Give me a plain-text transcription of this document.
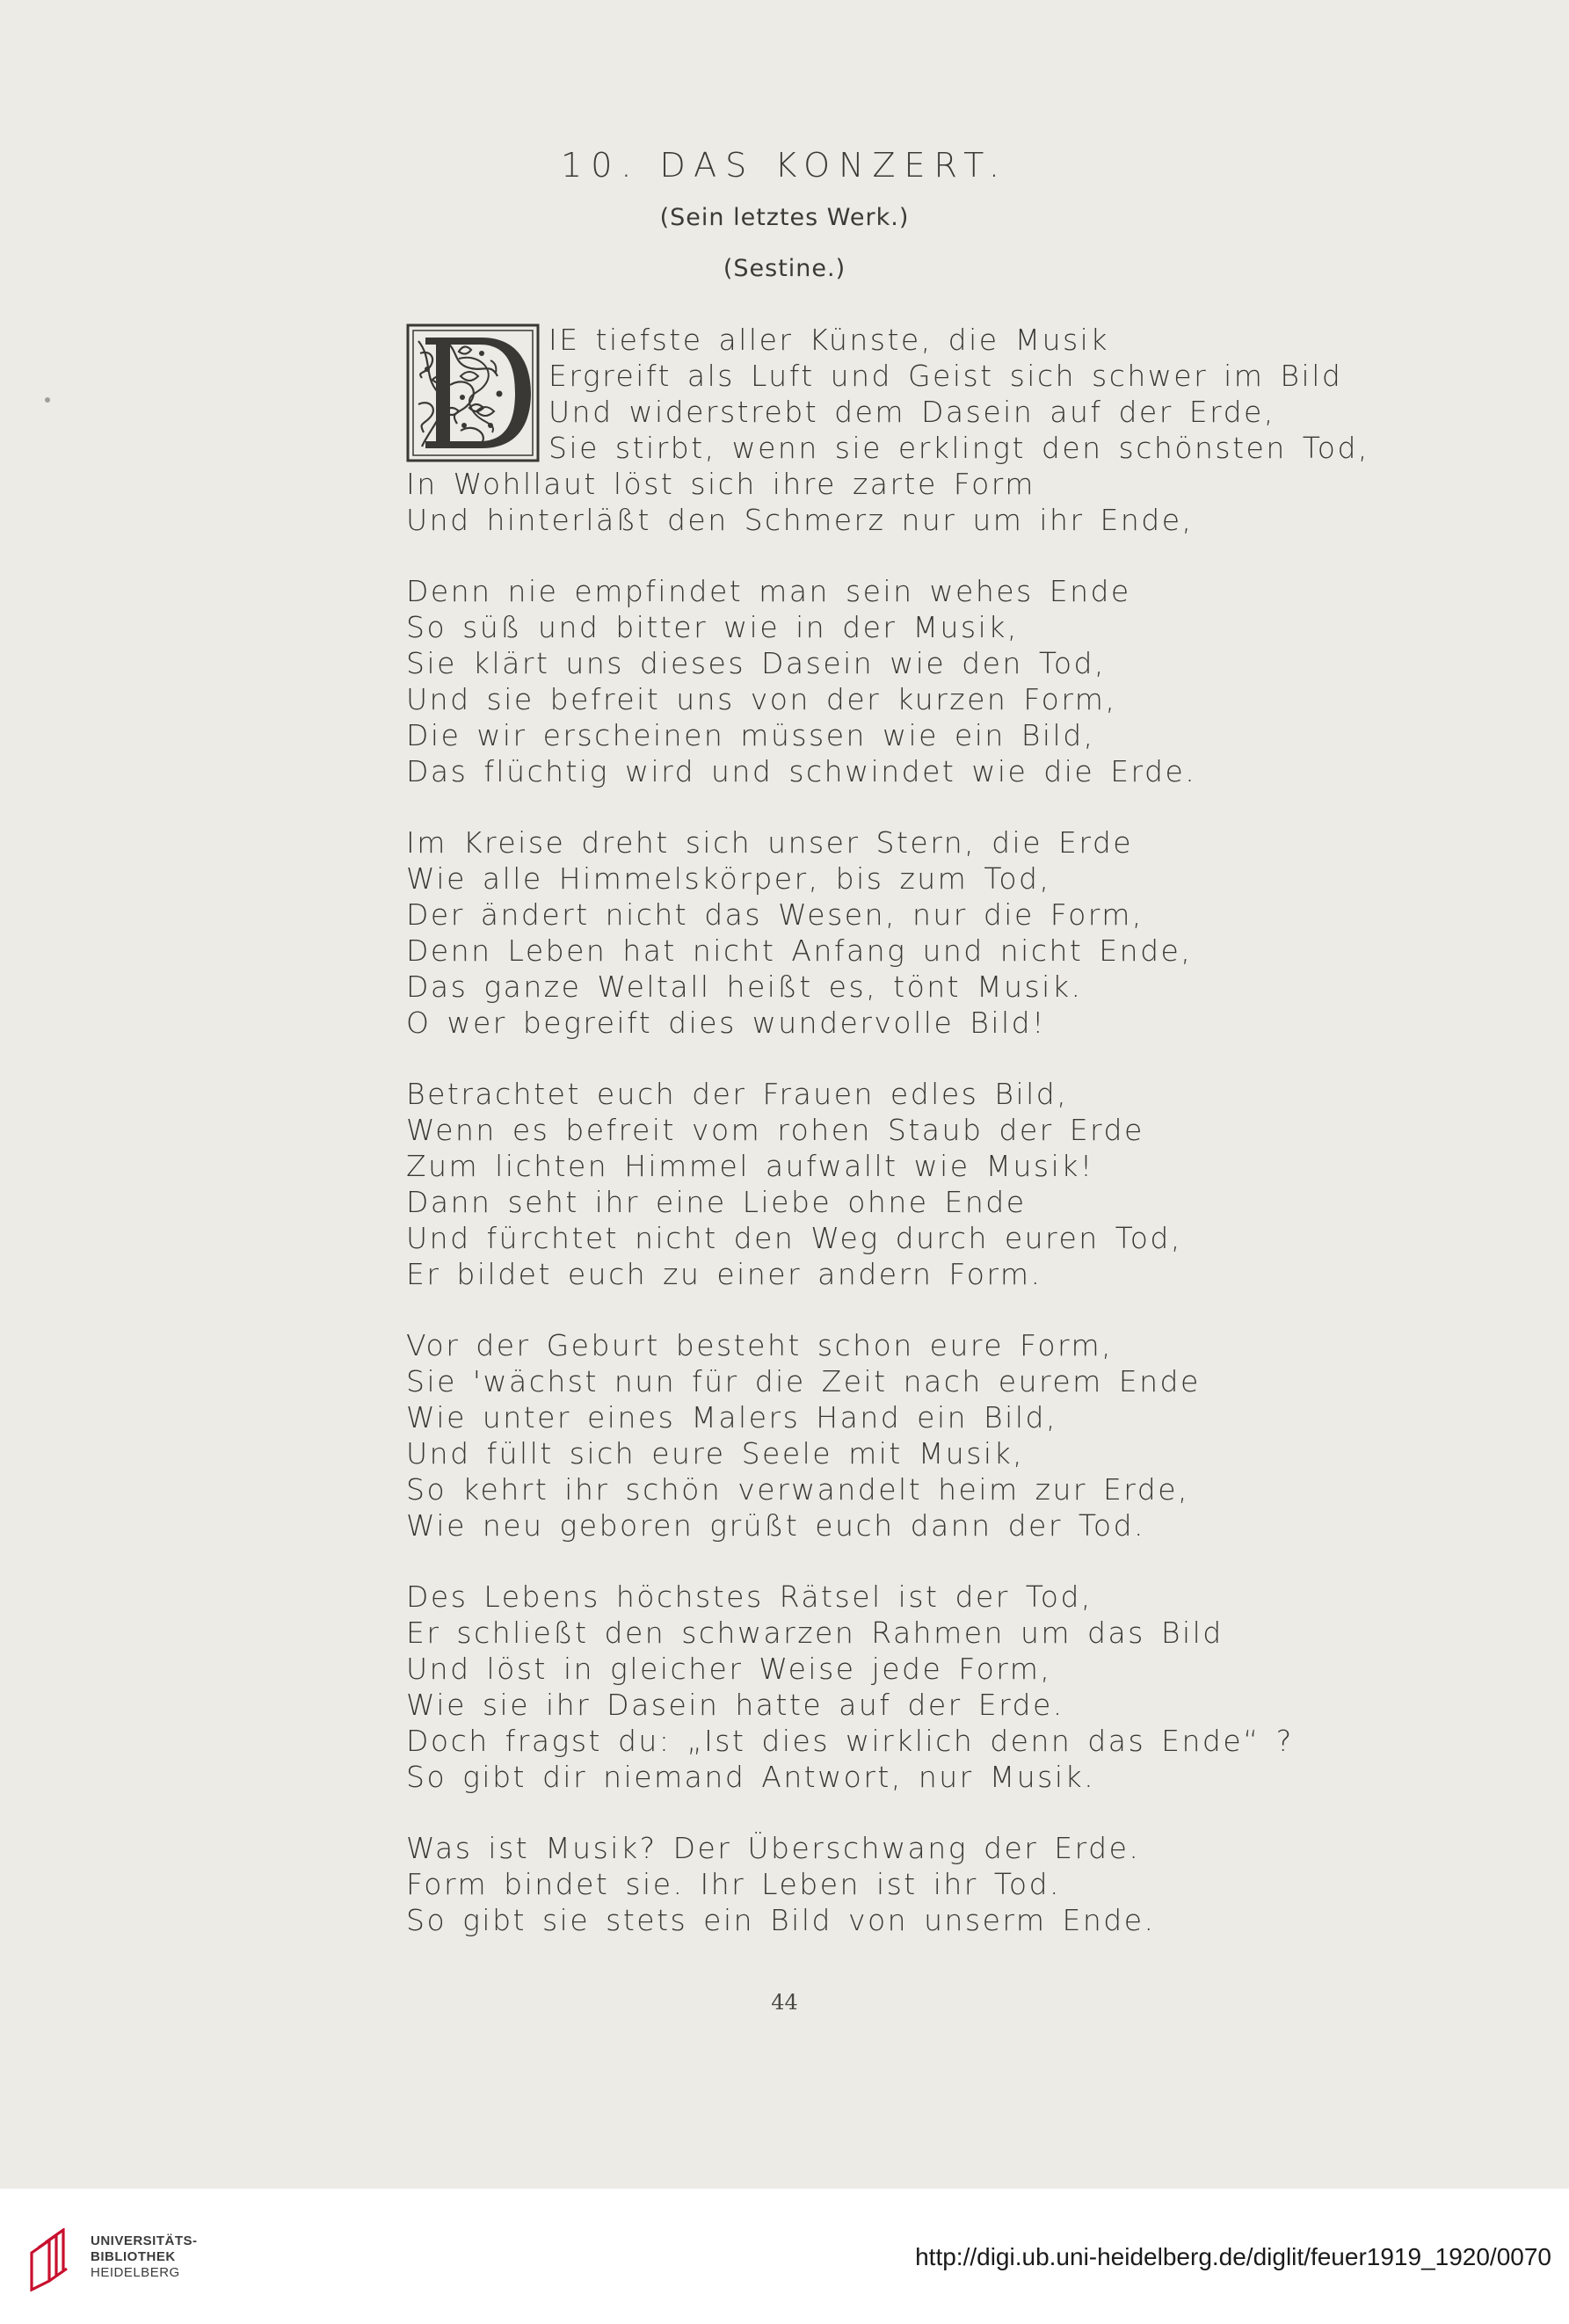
10. DAS KONZERT.
(Sein letztes Werk.)
(Sestine.)
IE tiefste aller Künste, die Musik
Ergreift als Luft und Geist sich schwer im Bild
Und widerstrebt dem Dasein auf der Erde,
Sie stirbt, wenn sie erklingt den schönsten Tod,
In Wohllaut löst sich ihre zarte Form
Und hinterläßt den Schmerz nur um ihr Ende,
Denn nie empfindet man sein wehes Ende
So süß und bitter wie in der Musik,
Sie klärt uns dieses Dasein wie den Tod,
Und sie befreit uns von der kurzen Form,
Die wir erscheinen müssen wie ein Bild,
Das flüchtig wird und schwindet wie die Erde.
Im Kreise dreht sich unser Stern, die Erde
Wie alle Himmelskörper, bis zum Tod,
Der ändert nicht das Wesen, nur die Form,
Denn Leben hat nicht Anfang und nicht Ende,
Das ganze Weltall heißt es, tönt Musik.
O wer begreift dies wundervolle Bild!
Betrachtet euch der Frauen edles Bild,
Wenn es befreit vom rohen Staub der Erde
Zum lichten Himmel aufwallt wie Musik!
Dann seht ihr eine Liebe ohne Ende
Und fürchtet nicht den Weg durch euren Tod,
Er bildet euch zu einer andern Form.
Vor der Geburt besteht schon eure Form,
Sie 'wächst nun für die Zeit nach eurem Ende
Wie unter eines Malers Hand ein Bild,
Und füllt sich eure Seele mit Musik,
So kehrt ihr schön verwandelt heim zur Erde,
Wie neu geboren grüßt euch dann der Tod.
Des Lebens höchstes Rätsel ist der Tod,
Er schließt den schwarzen Rahmen um das Bild
Und löst in gleicher Weise jede Form,
Wie sie ihr Dasein hatte auf der Erde.
Doch fragst du: „Ist dies wirklich denn das Ende“ ?
So gibt dir niemand Antwort, nur Musik.
Was ist Musik? Der Überschwang der Erde.
Form bindet sie. Ihr Leben ist ihr Tod.
So gibt sie stets ein Bild von unserm Ende.
44
UNIVERSITÄTS-
BIBLIOTHEK
HEIDELBERG
http://digi.ub.uni-heidelberg.de/diglit/feuer1919_1920/0070
